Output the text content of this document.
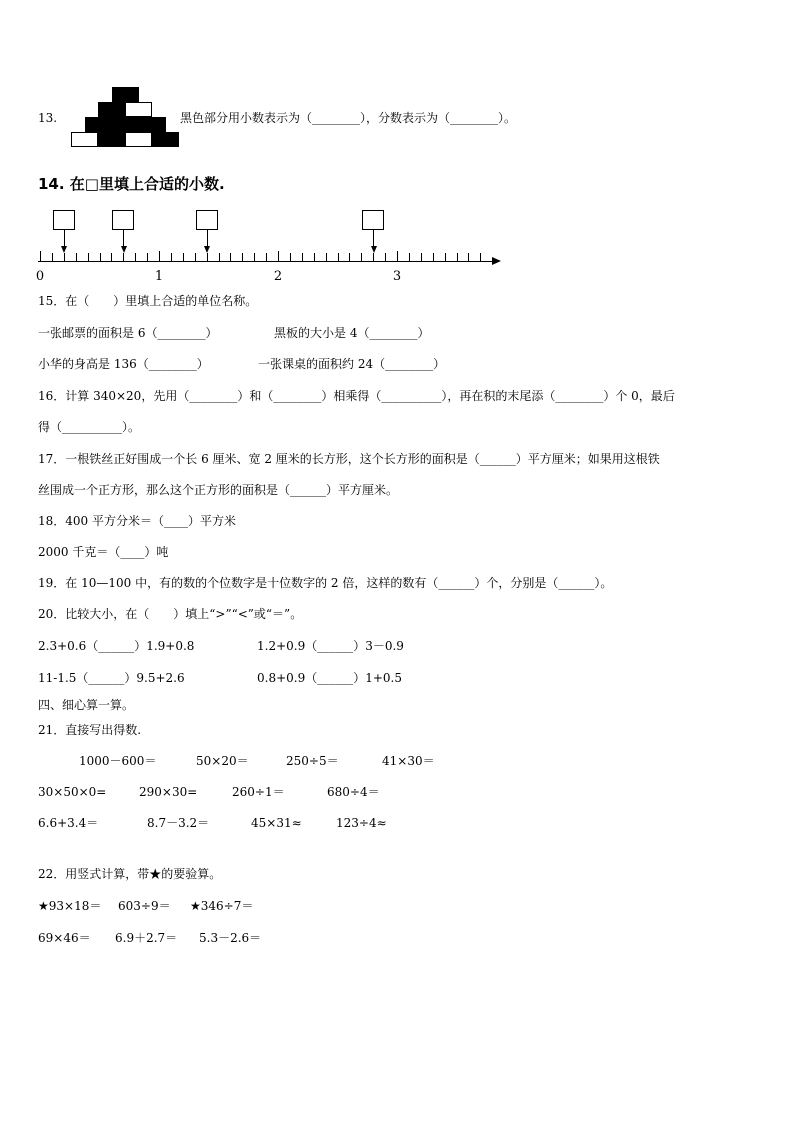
13.	黑色部分用小数表示为（________），分数表示为（________）。
14. 在□里填上合适的小数.
0	1	2	3
15．在（　　）里填上合适的单位名称。
一张邮票的面积是 6（________）	黑板的大小是 4（________）
小华的身高是 136（________）	一张课桌的面积约 24（________）
16．计算 340×20，先用（________）和（________）相乘得（__________），再在积的末尾添（________）个 0，最后
得（__________）。
17．一根铁丝正好围成一个长 6 厘米、宽 2 厘米的长方形，这个长方形的面积是（______）平方厘米；如果用这根铁
丝围成一个正方形，那么这个正方形的面积是（______）平方厘米。
18．400 平方分米＝（____）平方米
2000 千克＝（____）吨
19．在 10—100 中，有的数的个位数字是十位数字的 2 倍，这样的数有（______）个，分别是（______）。
20．比较大小，在（　　）填上“>”“<”或“＝”。
2.3+0.6（______）1.9+0.8	1.2+0.9（______）3－0.9
11-1.5（______）9.5+2.6	0.8+0.9（______）1+0.5
四、细心算一算。
21．直接写出得数.
1000－600＝	50×20＝	250÷5＝	41×30＝
30×50×0=	290×30=	260÷1＝	680÷4＝
6.6+3.4＝	8.7－3.2＝	45×31≈	123÷4≈
22．用竖式计算，带★的要验算。
★93×18＝ 603÷9＝ ★346÷7＝
69×46＝ 6.9＋2.7＝ 5.3－2.6＝
